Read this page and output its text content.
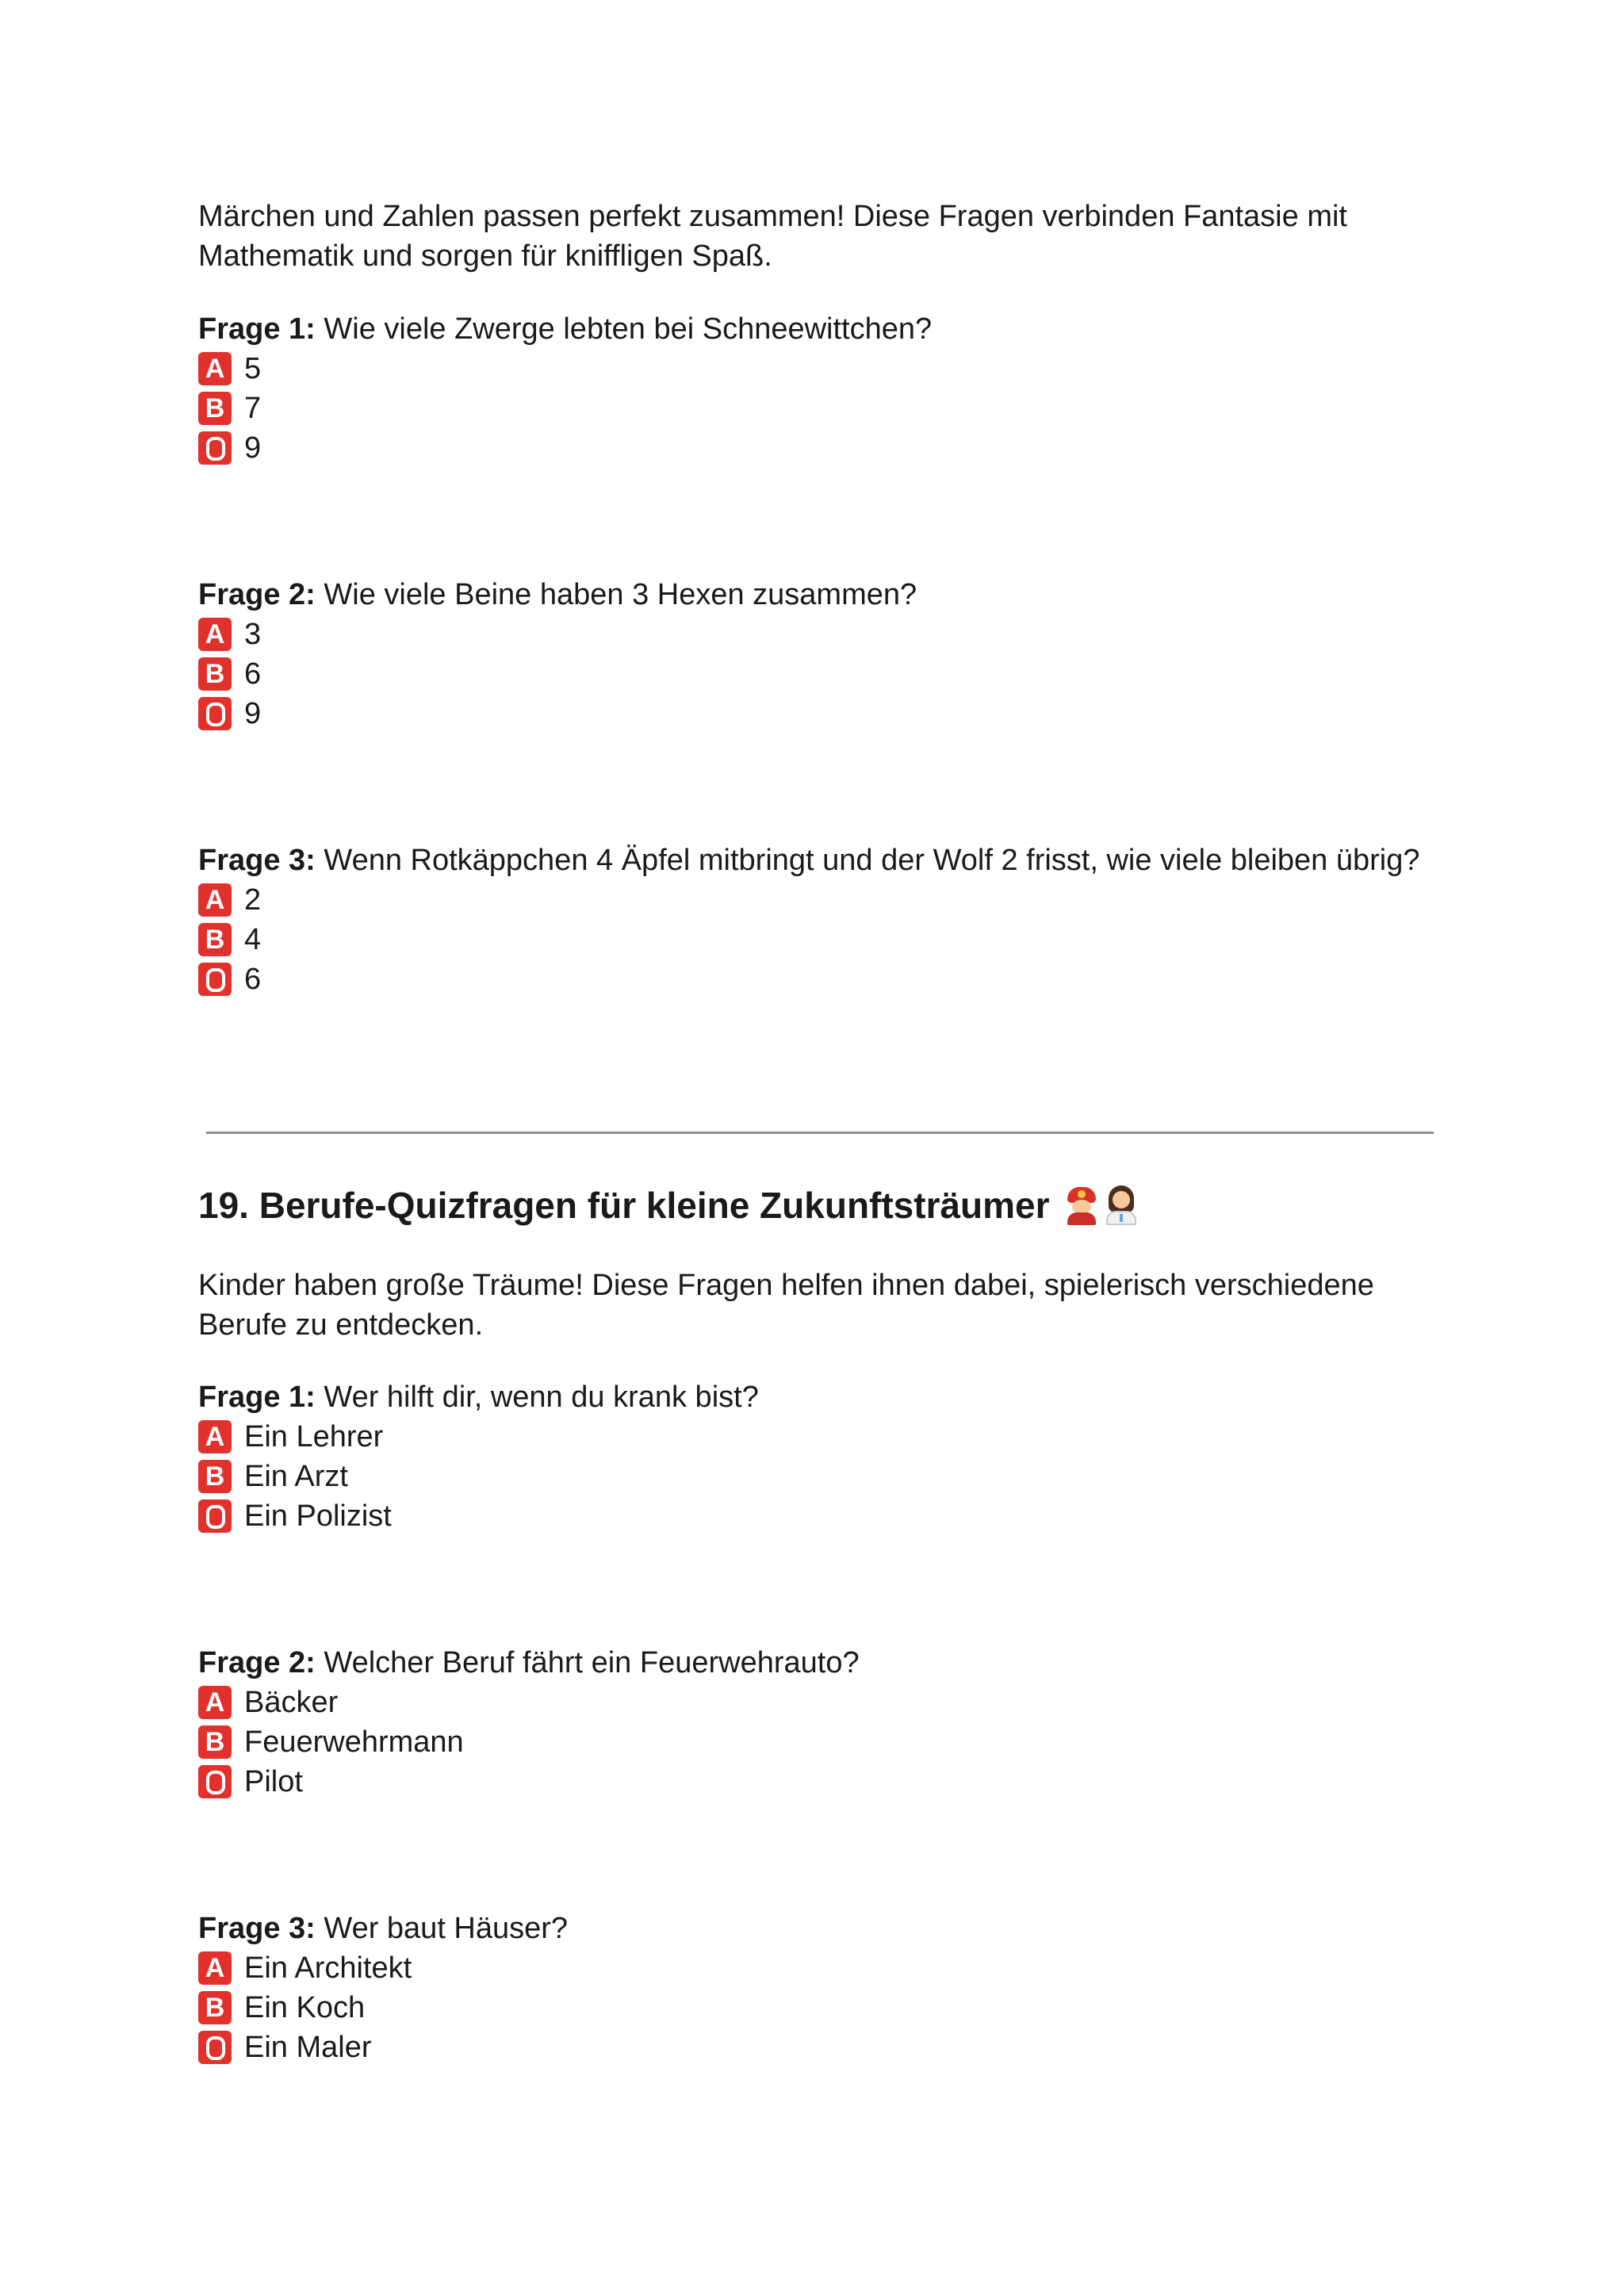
Märchen und Zahlen passen perfekt zusammen! Diese Fragen verbinden Fantasie mit
Mathematik und sorgen für kniffligen Spaß.

Frage 1: Wie viele Zwerge lebten bei Schneewittchen?
A 5
B 7
9
Frage 2: Wie viele Beine haben 3 Hexen zusammen?
A 3
B 6
9
Frage 3: Wenn Rotkäppchen 4 Äpfel mitbringt und der Wolf 2 frisst, wie viele bleiben übrig?
A 2
B 4
6
19. Berufe-Quizfragen für kleine Zukunftsträumer

Kinder haben große Träume! Diese Fragen helfen ihnen dabei, spielerisch verschiedene
Berufe zu entdecken.

Frage 1: Wer hilft dir, wenn du krank bist?
A Ein Lehrer
B Ein Arzt
Ein Polizist
Frage 2: Welcher Beruf fährt ein Feuerwehrauto?
A Bäcker
B Feuerwehrmann
Pilot
Frage 3: Wer baut Häuser?
A Ein Architekt
B Ein Koch
Ein Maler
